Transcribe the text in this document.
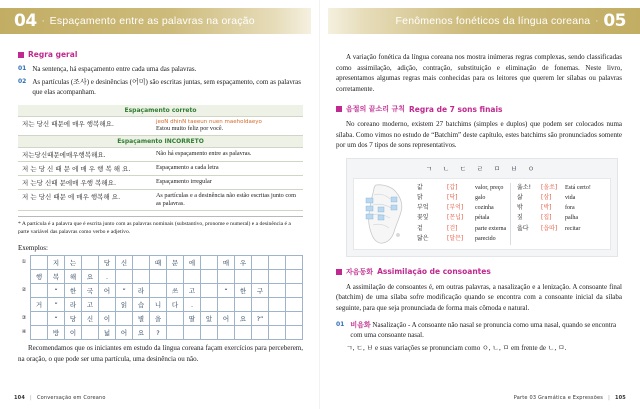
04 · Espaçamento entre as palavras na oração
Regra geral
01 Na sentença, há espaçamento entre cada uma das palavras.
02 As partículas (조사) e desinências (어미) são escritas juntas, sem espaçamento, com as palavras que elas acompanham.
Espaçamento correto	
저는 당신 때문에 매우 행복해요.	jeoN dhinN taeeun nuen maeholdaeyo
Estou muito feliz por você.

Espaçamento INCORRETO	
저는당신때문에매우행복해요.	Não há espaçamento entre as palavras.
저 는 당 신 때 문 에 매 우 행 복 해 요.	Espaçamento a cada letra
저 는당 신때 문에매 우행 복해요.	Espaçamento irregular
저 는 당신 때문 에 매우 행복해 요.	As partículas e a desinência não estão escritas junto com as palavras.
* A partícula é a palavra que é escrita junto com as palavras nominais (substantivo, pronome e numeral) e a desinência é a parte variável das palavras como verbo e adjetivo.
Exemplos:
①
②
③
④
	지	는		당	신		때	문	에		매	우			
행	복	해	요	.											
	“	한	국	어	”	라		쓰	고		“	한	구		
거	”	라	고		읽	습	니	다	.						
	“	당	신	이		별	을		딸	았	어	요	?”		
	방	이		넓	어	요	?								
Recomendamos que os iniciantes em estudo da língua coreana façam exercícios para perceberem, na oração, o que pode ser uma partícula, uma desinência ou não.
104 | Conversação em Coreano
Fenômenos fonéticos da língua coreana · 05
A variação fonética da língua coreana nos mostra inúmeras regras complexas, sendo classificadas como assimilação, adição, contração, substituição e eliminação de fonemas. Neste livro, apresentamos algumas regras mais conhecidas para os leitores que querem ler sílabas ou palavras corretamente.
음절의 끝소리 규칙 Regra de 7 sons finais
No coreano moderno, existem 27 batchims (simples e duplos) que podem ser colocados numa sílaba. Como vimos no estudo de “Batchim” deste capítulo, estes batchims são pronunciados somente por um dos 7 tipos de sons representativos.
ㄱ ㄴ ㄷ ㄹ ㅁ ㅂ ㅇ
값	[갑]	valor, preço
닭	[닥]	galo
부엌	[부억]	cozinha
꽃잎	[꼰닙]	pétala
겉	[걷]	parte externa
닮은	[달믄]	parecido
옳소!	[올쏘]	Está certo!
삶	[삼]	vida
밖	[박]	fora
짚	[집]	palha
읊다	[읍따]	recitar
자음동화 Assimilação de consoantes
A assimilação de consoantes é, em outras palavras, a nasalização e a lenização. A consoante final (batchim) de uma sílaba sofre modificação quando se encontra com a consoante inicial da sílaba seguinte, para que seja pronunciada de forma mais cômoda e natural.
01 비음화 Nasalização - A consoante não nasal se pronuncia como uma nasal, quando se encontra com uma consoante nasal.
ㄱ, ㄷ, ㅂ e suas variações se pronunciam como ㅇ, ㄴ, ㅁ em frente de ㄴ, ㅁ.
Parte 03 Gramática e Expressões | 105
